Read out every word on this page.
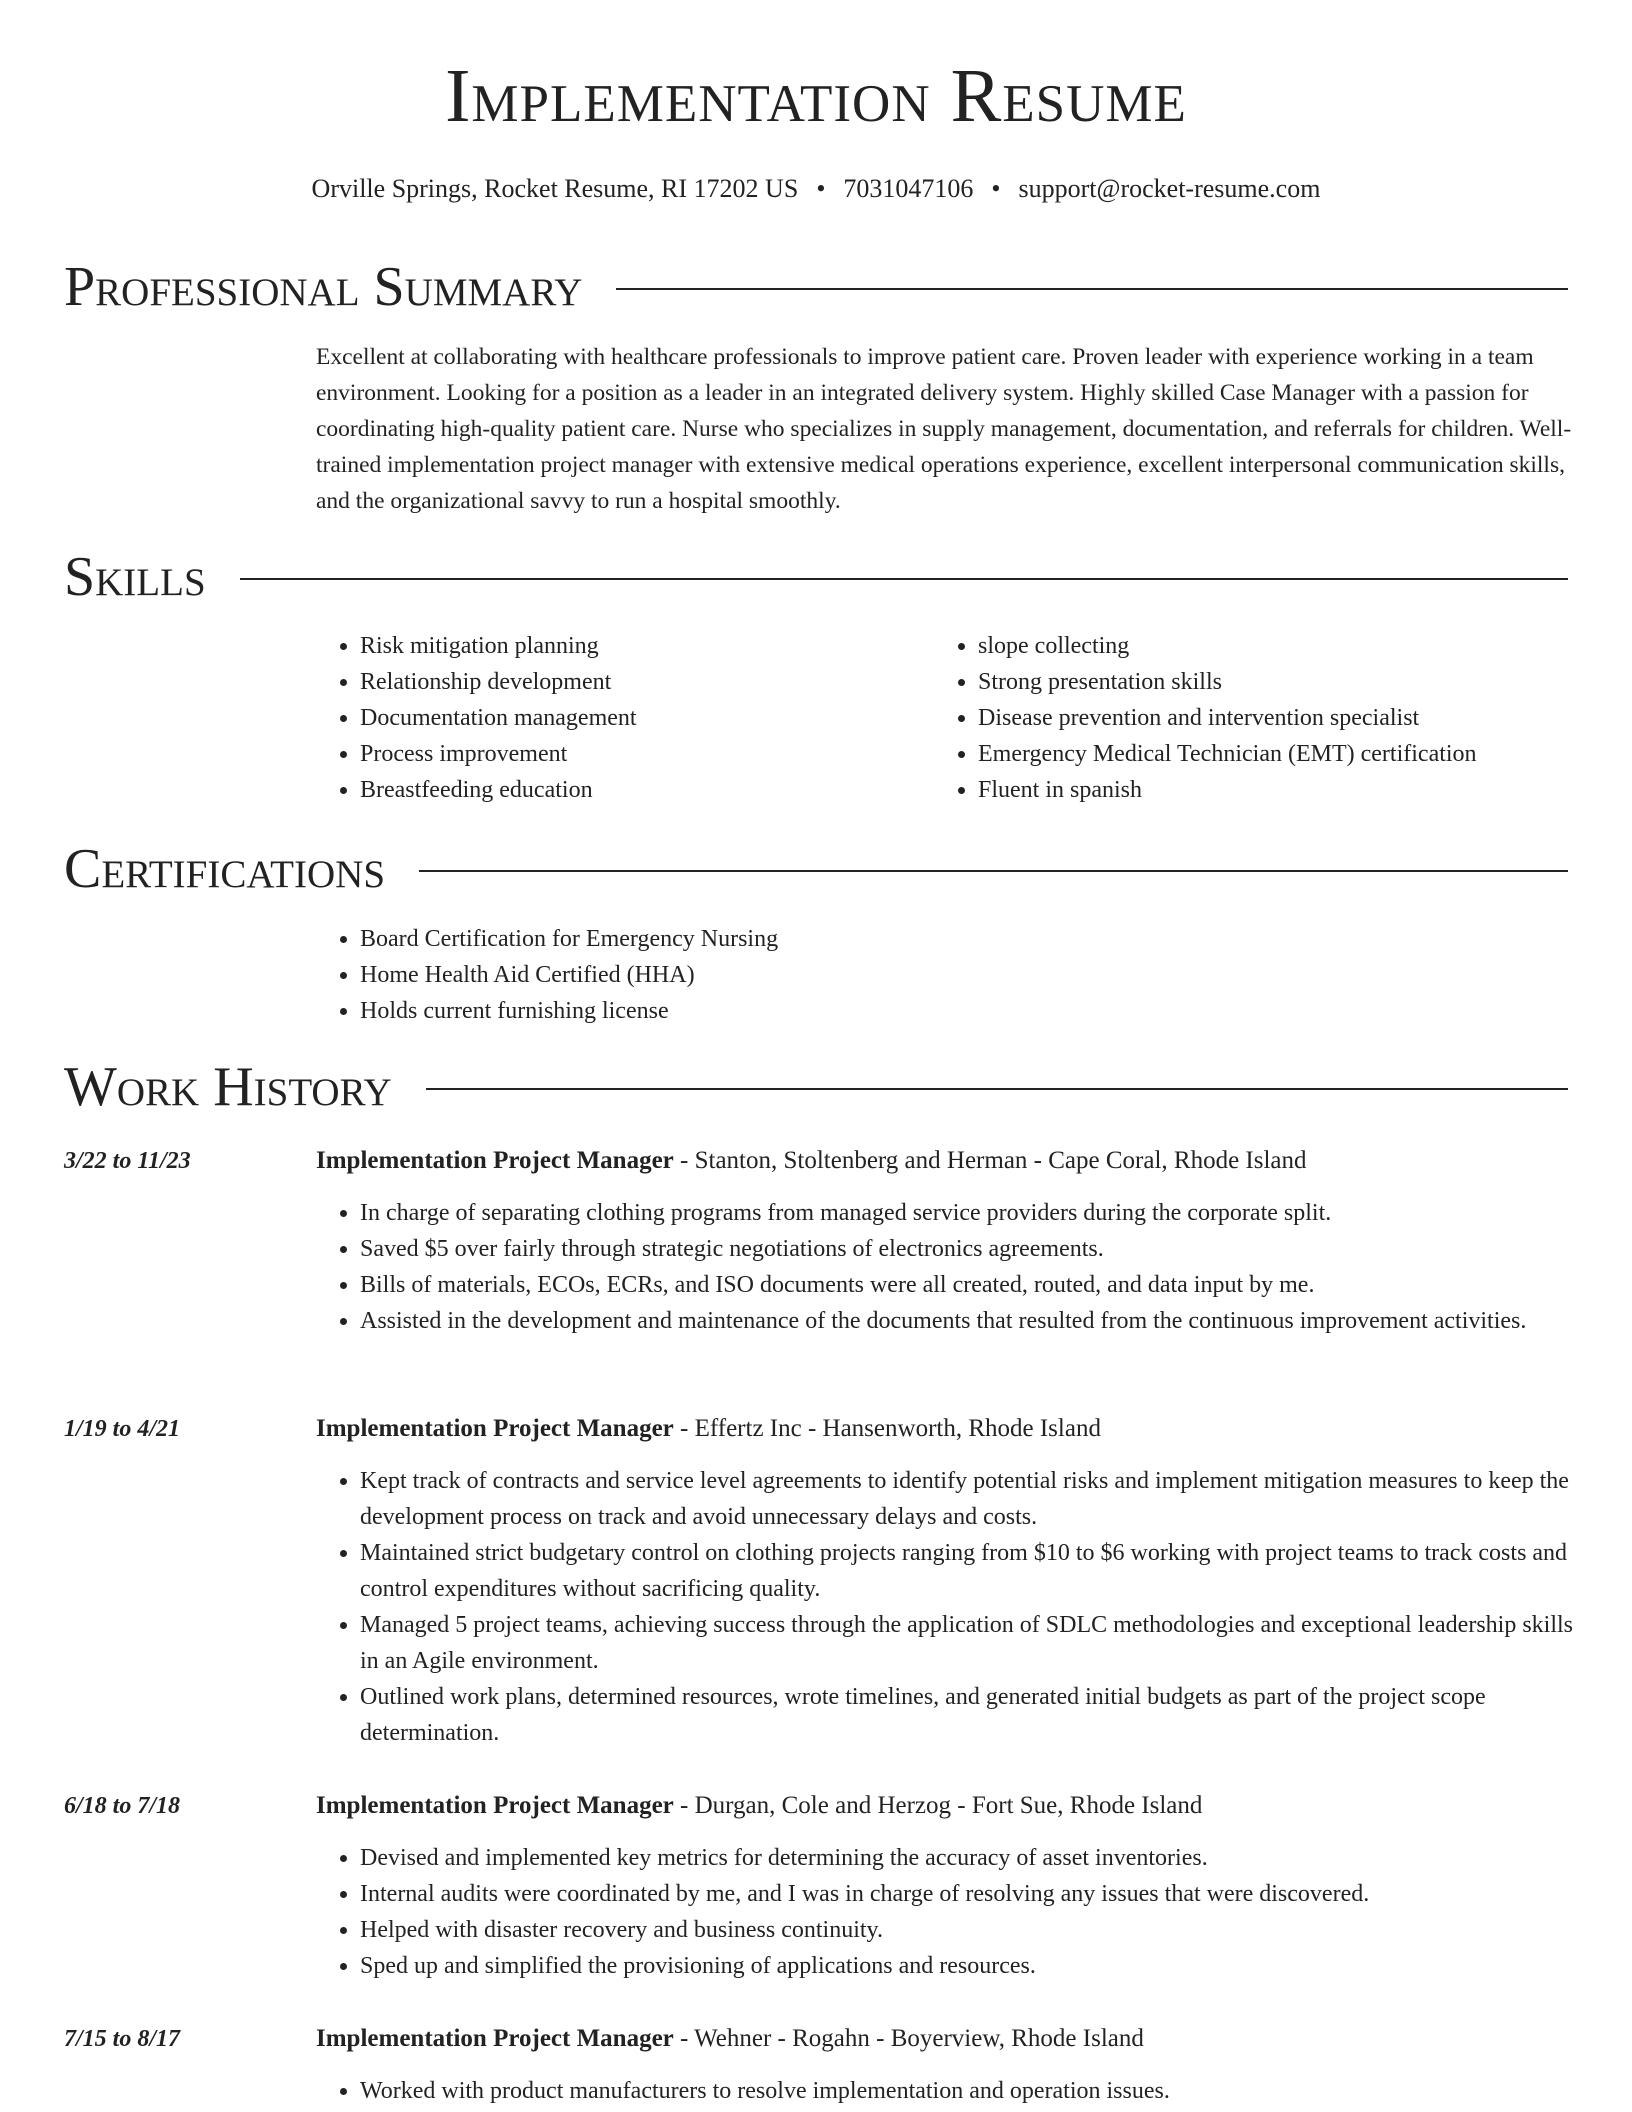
Implementation Resume
Orville Springs, Rocket Resume, RI 17202 US • 7031047106 • support@rocket-resume.com
Professional Summary

Excellent at collaborating with healthcare professionals to improve patient care. Proven leader with experience working in a team environment. Looking for a position as a leader in an integrated delivery system. Highly skilled Case Manager with a passion for coordinating high-quality patient care. Nurse who specializes in supply management, documentation, and referrals for children. Well-trained implementation project manager with extensive medical operations experience, excellent interpersonal communication skills, and the organizational savvy to run a hospital smoothly.

Skills
• Risk mitigation planning
• Relationship development
• Documentation management
• Process improvement
• Breastfeeding education
• slope collecting
• Strong presentation skills
• Disease prevention and intervention specialist
• Emergency Medical Technician (EMT) certification
• Fluent in spanish
Certifications
• Board Certification for Emergency Nursing
• Home Health Aid Certified (HHA)
• Holds current furnishing license
Work History
3/22 to 11/23	Implementation Project Manager - Stanton, Stoltenberg and Herman - Cape Coral, Rhode Island
• In charge of separating clothing programs from managed service providers during the corporate split.
• Saved $5 over fairly through strategic negotiations of electronics agreements.
• Bills of materials, ECOs, ECRs, and ISO documents were all created, routed, and data input by me.
• Assisted in the development and maintenance of the documents that resulted from the continuous improvement activities.
1/19 to 4/21	Implementation Project Manager - Effertz Inc - Hansenworth, Rhode Island
• Kept track of contracts and service level agreements to identify potential risks and implement mitigation measures to keep the development process on track and avoid unnecessary delays and costs.
• Maintained strict budgetary control on clothing projects ranging from $10 to $6 working with project teams to track costs and control expenditures without sacrificing quality.
• Managed 5 project teams, achieving success through the application of SDLC methodologies and exceptional leadership skills in an Agile environment.
• Outlined work plans, determined resources, wrote timelines, and generated initial budgets as part of the project scope determination.
6/18 to 7/18	Implementation Project Manager - Durgan, Cole and Herzog - Fort Sue, Rhode Island
• Devised and implemented key metrics for determining the accuracy of asset inventories.
• Internal audits were coordinated by me, and I was in charge of resolving any issues that were discovered.
• Helped with disaster recovery and business continuity.
• Sped up and simplified the provisioning of applications and resources.
7/15 to 8/17	Implementation Project Manager - Wehner - Rogahn - Boyerview, Rhode Island
• Worked with product manufacturers to resolve implementation and operation issues.
